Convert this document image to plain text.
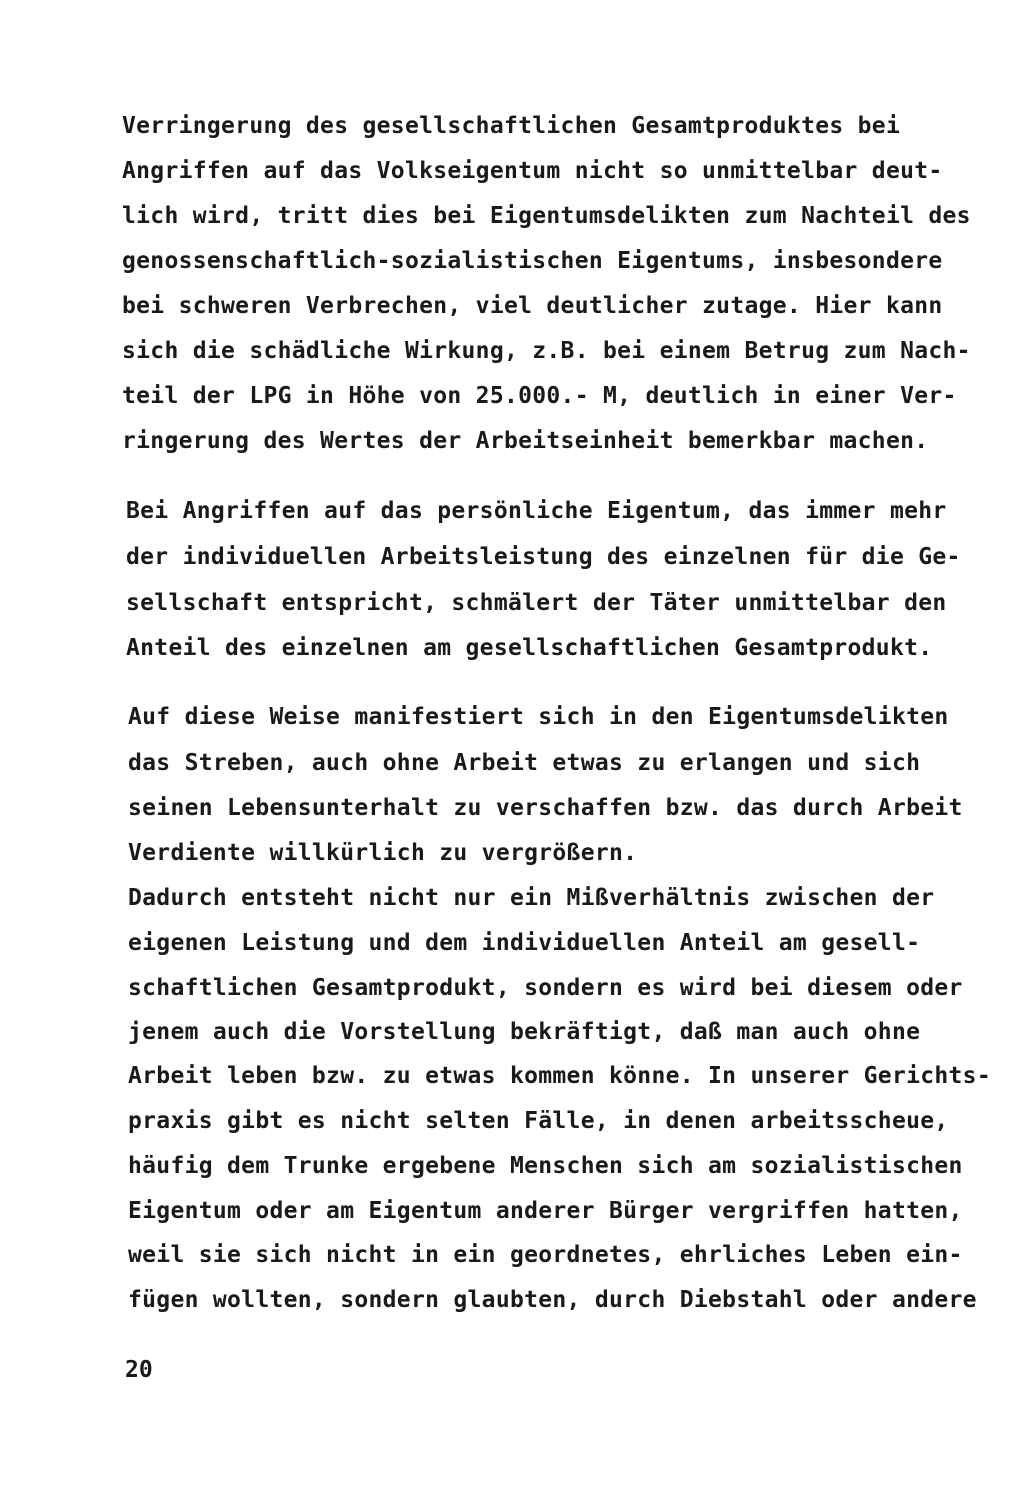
Verringerung des gesellschaftlichen Gesamtproduktes bei
Angriffen auf das Volkseigentum nicht so unmittelbar deut-
lich wird, tritt dies bei Eigentumsdelikten zum Nachteil des
genossenschaftlich-sozialistischen Eigentums, insbesondere
bei schweren Verbrechen, viel deutlicher zutage. Hier kann
sich die schädliche Wirkung, z.B. bei einem Betrug zum Nach-
teil der LPG in Höhe von 25.000.- M, deutlich in einer Ver-
ringerung des Wertes der Arbeitseinheit bemerkbar machen.
Bei Angriffen auf das persönliche Eigentum, das immer mehr
der individuellen Arbeitsleistung des einzelnen für die Ge-
sellschaft entspricht, schmälert der Täter unmittelbar den
Anteil des einzelnen am gesellschaftlichen Gesamtprodukt.
Auf diese Weise manifestiert sich in den Eigentumsdelikten
das Streben, auch ohne Arbeit etwas zu erlangen und sich
seinen Lebensunterhalt zu verschaffen bzw. das durch Arbeit
Verdiente willkürlich zu vergrößern.
Dadurch entsteht nicht nur ein Mißverhältnis zwischen der
eigenen Leistung und dem individuellen Anteil am gesell-
schaftlichen Gesamtprodukt, sondern es wird bei diesem oder
jenem auch die Vorstellung bekräftigt, daß man auch ohne
Arbeit leben bzw. zu etwas kommen könne. In unserer Gerichts-
praxis gibt es nicht selten Fälle, in denen arbeitsscheue,
häufig dem Trunke ergebene Menschen sich am sozialistischen
Eigentum oder am Eigentum anderer Bürger vergriffen hatten,
weil sie sich nicht in ein geordnetes, ehrliches Leben ein-
fügen wollten, sondern glaubten, durch Diebstahl oder andere
20
